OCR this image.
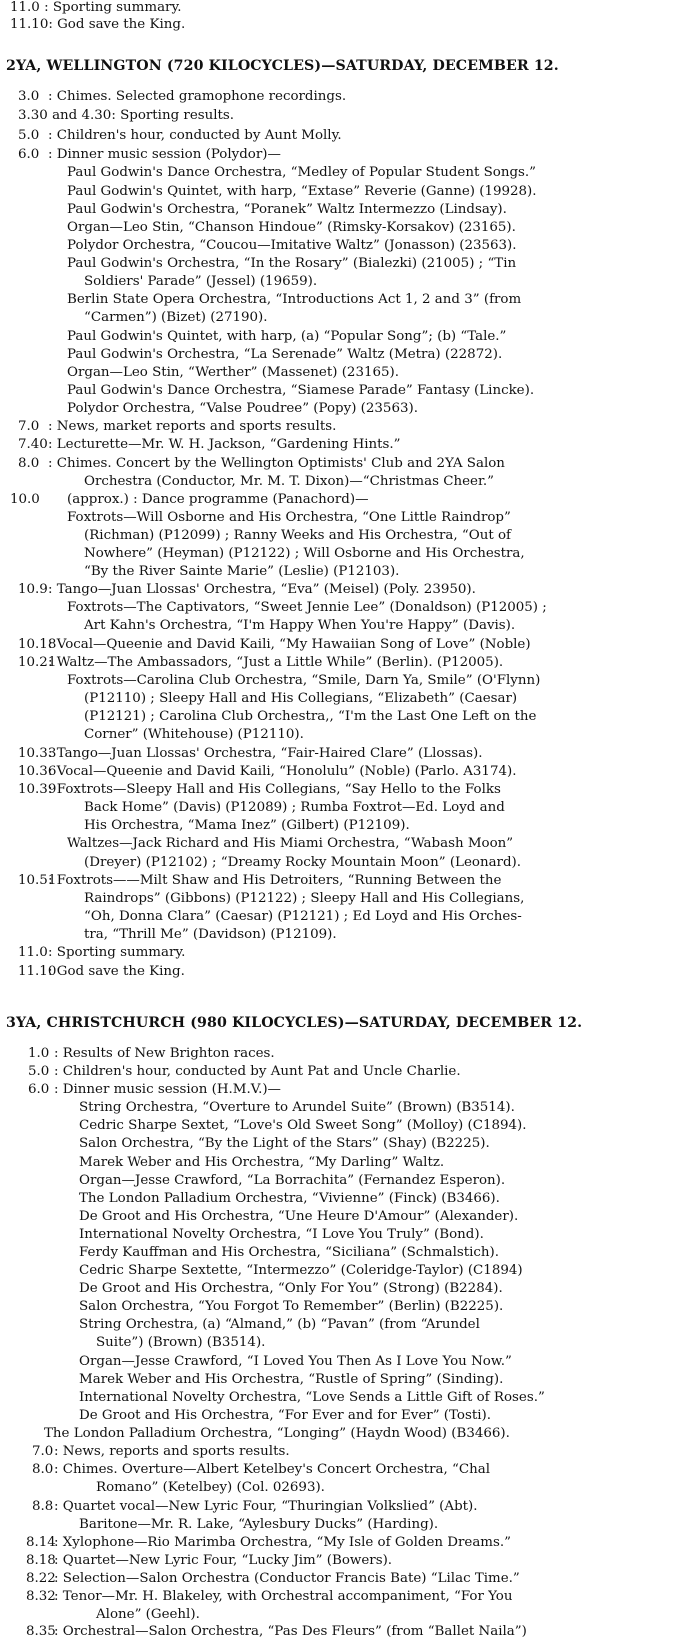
11.0 : Sporting summary.
11.10: God save the King.
2YA, WELLINGTON (720 KILOCYCLES)—SATURDAY, DECEMBER 12.
3.0 : Chimes. Selected gramophone recordings.
3.30 and 4.30: Sporting results.
5.0 : Children's hour, conducted by Aunt Molly.
6.0 : Dinner music session (Polydor)—
Paul Godwin's Dance Orchestra, “Medley of Popular Student Songs.”
Paul Godwin's Quintet, with harp, “Extase” Reverie (Ganne) (19928).
Paul Godwin's Orchestra, “Poranek” Waltz Intermezzo (Lindsay).
Organ—Leo Stin, “Chanson Hindoue” (Rimsky-Korsakov) (23165).
Polydor Orchestra, “Coucou—Imitative Waltz” (Jonasson) (23563).
Paul Godwin's Orchestra, “In the Rosary” (Bialezki) (21005) ; “Tin
Soldiers' Parade” (Jessel) (19659).
Berlin State Opera Orchestra, “Introductions Act 1, 2 and 3” (from
“Carmen”) (Bizet) (27190).
Paul Godwin's Quintet, with harp, (a) “Popular Song”; (b) “Tale.”
Paul Godwin's Orchestra, “La Serenade” Waltz (Metra) (22872).
Organ—Leo Stin, “Werther” (Massenet) (23165).
Paul Godwin's Dance Orchestra, “Siamese Parade” Fantasy (Lincke).
Polydor Orchestra, “Valse Poudree” (Popy) (23563).
7.0 : News, market reports and sports results.
7.40: Lecturette—Mr. W. H. Jackson, “Gardening Hints.”
8.0 : Chimes. Concert by the Wellington Optimists' Club and 2YA Salon
Orchestra (Conductor, Mr. M. T. Dixon)—“Christmas Cheer.”
10.0 (approx.) : Dance programme (Panachord)—
Foxtrots—Will Osborne and His Orchestra, “One Little Raindrop”
(Richman) (P12099) ; Ranny Weeks and His Orchestra, “Out of
Nowhere” (Heyman) (P12122) ; Will Osborne and His Orchestra,
“By the River Sainte Marie” (Leslie) (P12103).
10.9: Tango—Juan Llossas' Orchestra, “Eva” (Meisel) (Poly. 23950).
Foxtrots—The Captivators, “Sweet Jennie Lee” (Donaldson) (P12005) ;
Art Kahn's Orchestra, “I'm Happy When You're Happy” (Davis).
10.18: Vocal—Queenie and David Kaili, “My Hawaiian Song of Love” (Noble)
10.21: Waltz—The Ambassadors, “Just a Little While” (Berlin). (P12005).
Foxtrots—Carolina Club Orchestra, “Smile, Darn Ya, Smile” (O'Flynn)
(P12110) ; Sleepy Hall and His Collegians, “Elizabeth” (Caesar)
(P12121) ; Carolina Club Orchestra,, “I'm the Last One Left on the
Corner” (Whitehouse) (P12110).
10.33: Tango—Juan Llossas' Orchestra, “Fair-Haired Clare” (Llossas).
10.36: Vocal—Queenie and David Kaili, “Honolulu” (Noble) (Parlo. A3174).
10.39: Foxtrots—Sleepy Hall and His Collegians, “Say Hello to the Folks
Back Home” (Davis) (P12089) ; Rumba Foxtrot—Ed. Loyd and
His Orchestra, “Mama Inez” (Gilbert) (P12109).
Waltzes—Jack Richard and His Miami Orchestra, “Wabash Moon”
(Dreyer) (P12102) ; “Dreamy Rocky Mountain Moon” (Leonard).
10.51: Foxtrots——Milt Shaw and His Detroiters, “Running Between the
Raindrops” (Gibbons) (P12122) ; Sleepy Hall and His Collegians,
“Oh, Donna Clara” (Caesar) (P12121) ; Ed Loyd and His Orches-
tra, “Thrill Me” (Davidson) (P12109).
11.0: Sporting summary.
11.10: God save the King.
3YA, CHRISTCHURCH (980 KILOCYCLES)—SATURDAY, DECEMBER 12.
1.0 : Results of New Brighton races.
5.0 : Children's hour, conducted by Aunt Pat and Uncle Charlie.
6.0 : Dinner music session (H.M.V.)—
String Orchestra, “Overture to Arundel Suite” (Brown) (B3514).
Cedric Sharpe Sextet, “Love's Old Sweet Song” (Molloy) (C1894).
Salon Orchestra, “By the Light of the Stars” (Shay) (B2225).
Marek Weber and His Orchestra, “My Darling” Waltz.
Organ—Jesse Crawford, “La Borrachita” (Fernandez Esperon).
The London Palladium Orchestra, “Vivienne” (Finck) (B3466).
De Groot and His Orchestra, “Une Heure D'Amour” (Alexander).
International Novelty Orchestra, “I Love You Truly” (Bond).
Ferdy Kauffman and His Orchestra, “Siciliana” (Schmalstich).
Cedric Sharpe Sextette, “Intermezzo” (Coleridge-Taylor) (C1894)
De Groot and His Orchestra, “Only For You” (Strong) (B2284).
Salon Orchestra, “You Forgot To Remember” (Berlin) (B2225).
String Orchestra, (a) “Almand,” (b) “Pavan” (from “Arundel
Suite”) (Brown) (B3514).
Organ—Jesse Crawford, “I Loved You Then As I Love You Now.”
Marek Weber and His Orchestra, “Rustle of Spring” (Sinding).
International Novelty Orchestra, “Love Sends a Little Gift of Roses.”
De Groot and His Orchestra, “For Ever and for Ever” (Tosti).
The London Palladium Orchestra, “Longing” (Haydn Wood) (B3466).
7.0: News, reports and sports results.
8.0: Chimes. Overture—Albert Ketelbey's Concert Orchestra, “Chal
Romano” (Ketelbey) (Col. 02693).
8.8: Quartet vocal—New Lyric Four, “Thuringian Volkslied” (Abt).
Baritone—Mr. R. Lake, “Aylesbury Ducks” (Harding).
8.14: Xylophone—Rio Marimba Orchestra, “My Isle of Golden Dreams.”
8.18: Quartet—New Lyric Four, “Lucky Jim” (Bowers).
8.22: Selection—Salon Orchestra (Conductor Francis Bate) “Lilac Time.”
8.32: Tenor—Mr. H. Blakeley, with Orchestral accompaniment, “For You
Alone” (Geehl).
8.35: Orchestral—Salon Orchestra, “Pas Des Fleurs” (from “Ballet Naila”)
